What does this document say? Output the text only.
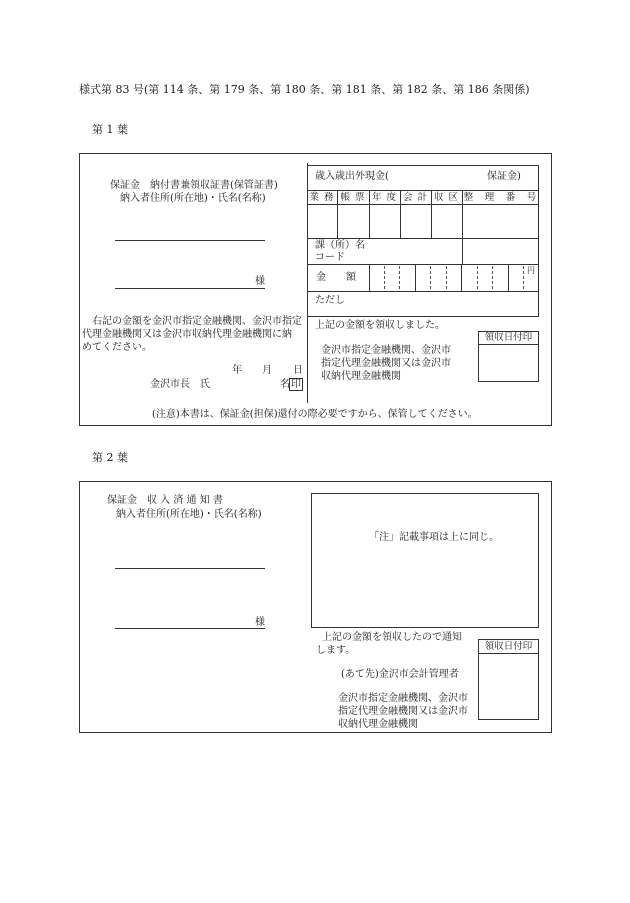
様式第 83 号(第 114 条、第 179 条、第 180 条、第 181 条、第 182 条、第 186 条関係)
第 1 葉
保証金　納付書兼領収証書(保管証書)
納入者住所(所在地)・氏名(名称)
様
右記の金額を金沢市指定金融機関、金沢市指定
代理金融機関又は金沢市収納代理金融機関に納
めてください。
年 月 日
金沢市長　氏	名 印
(注意)本書は、保証金(担保)還付の際必要ですから、保管してください。
歳入歳出外現金(	保証金)
業 務 帳 票 年 度 会 計 収 区 整　理　番　号
課（所）名
コード
金　　額
円
ただし
上記の金額を領収しました。
金沢市指定金融機関、金沢市
指定代理金融機関又は金沢市
収納代理金融機関
領収日付印
第 2 葉
保証金　収 入 済 通 知 書
納入者住所(所在地)・氏名(名称)
様
「注」記載事項は上に同じ。
上記の金額を領収したので通知
します。
(あて先)金沢市会計管理者
金沢市指定金融機関、金沢市
指定代理金融機関又は金沢市
収納代理金融機関
領収日付印
